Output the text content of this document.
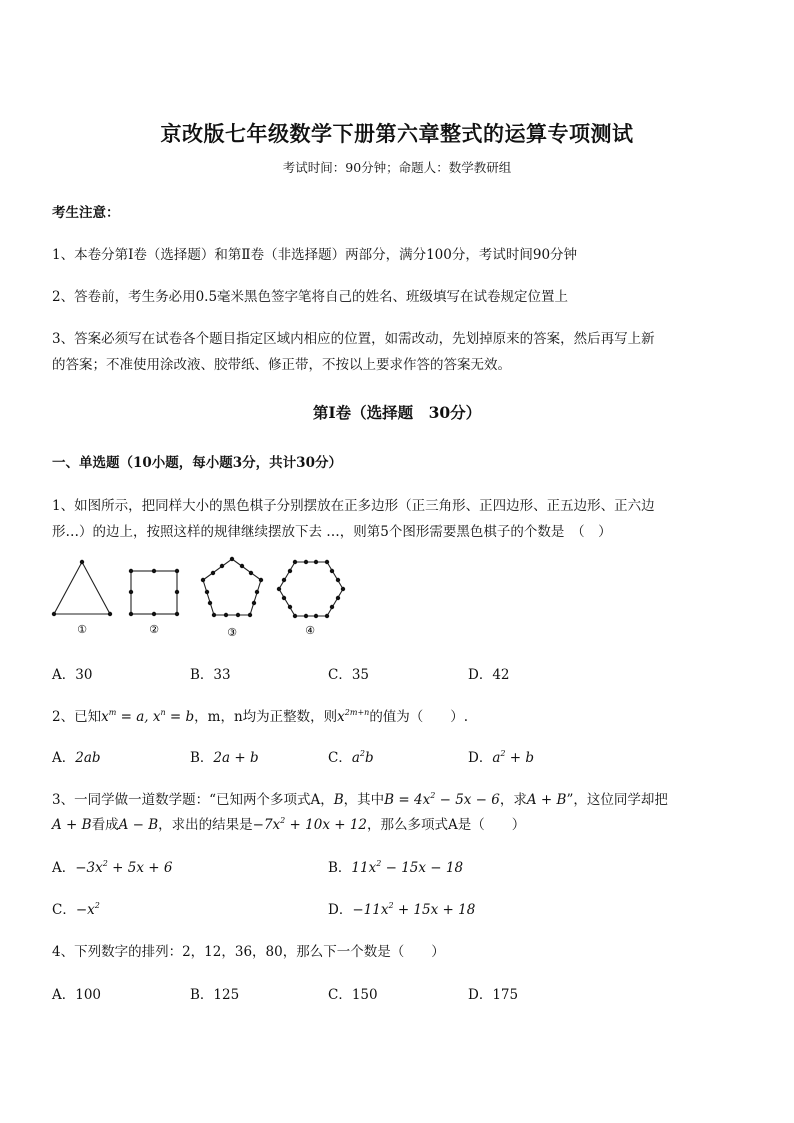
京改版七年级数学下册第六章整式的运算专项测试
考试时间：90分钟；命题人：数学教研组
考生注意：
1、本卷分第Ⅰ卷（选择题）和第Ⅱ卷（非选择题）两部分，满分100分，考试时间90分钟
2、答卷前，考生务必用0.5毫米黑色签字笔将自己的姓名、班级填写在试卷规定位置上
3、答案必须写在试卷各个题目指定区域内相应的位置，如需改动，先划掉原来的答案，然后再写上新
的答案；不准使用涂改液、胶带纸、修正带，不按以上要求作答的答案无效。
第Ⅰ卷（选择题　30分）
一、单选题（10小题，每小题3分，共计30分）
1、如图所示，把同样大小的黑色棋子分别摆放在正多边形（正三角形、正四边形、正五边形、正六边
形…）的边上，按照这样的规律继续摆放下去 …，则第5个图形需要黑色棋子的个数是　（　）
①	②	③	④
A．30	B．33	C．35	D．42
2、已知$x^m = a$, $x^n = b$，m，n均为正整数，则$x^{2m+n}$的值为（　　）.
A．2ab	B．2a + b	C．$a^2b$	D．$a^2 + b$
3、一同学做一道数学题：“已知两个多项式A，B，其中$B = 4x^2 - 5x - 6$，求A + B”，这位同学却把
A + B看成A − B，求出的结果是$-7x^2 + 10x + 12$，那么多项式A是（　　）
A．$-3x^2 + 5x + 6$	B．$11x^2 - 15x - 18$
C．$-x^2$	D．$-11x^2 + 15x + 18$
4、下列数字的排列：2，12，36，80，那么下一个数是（　　）
A．100	B．125	C．150	D．175
